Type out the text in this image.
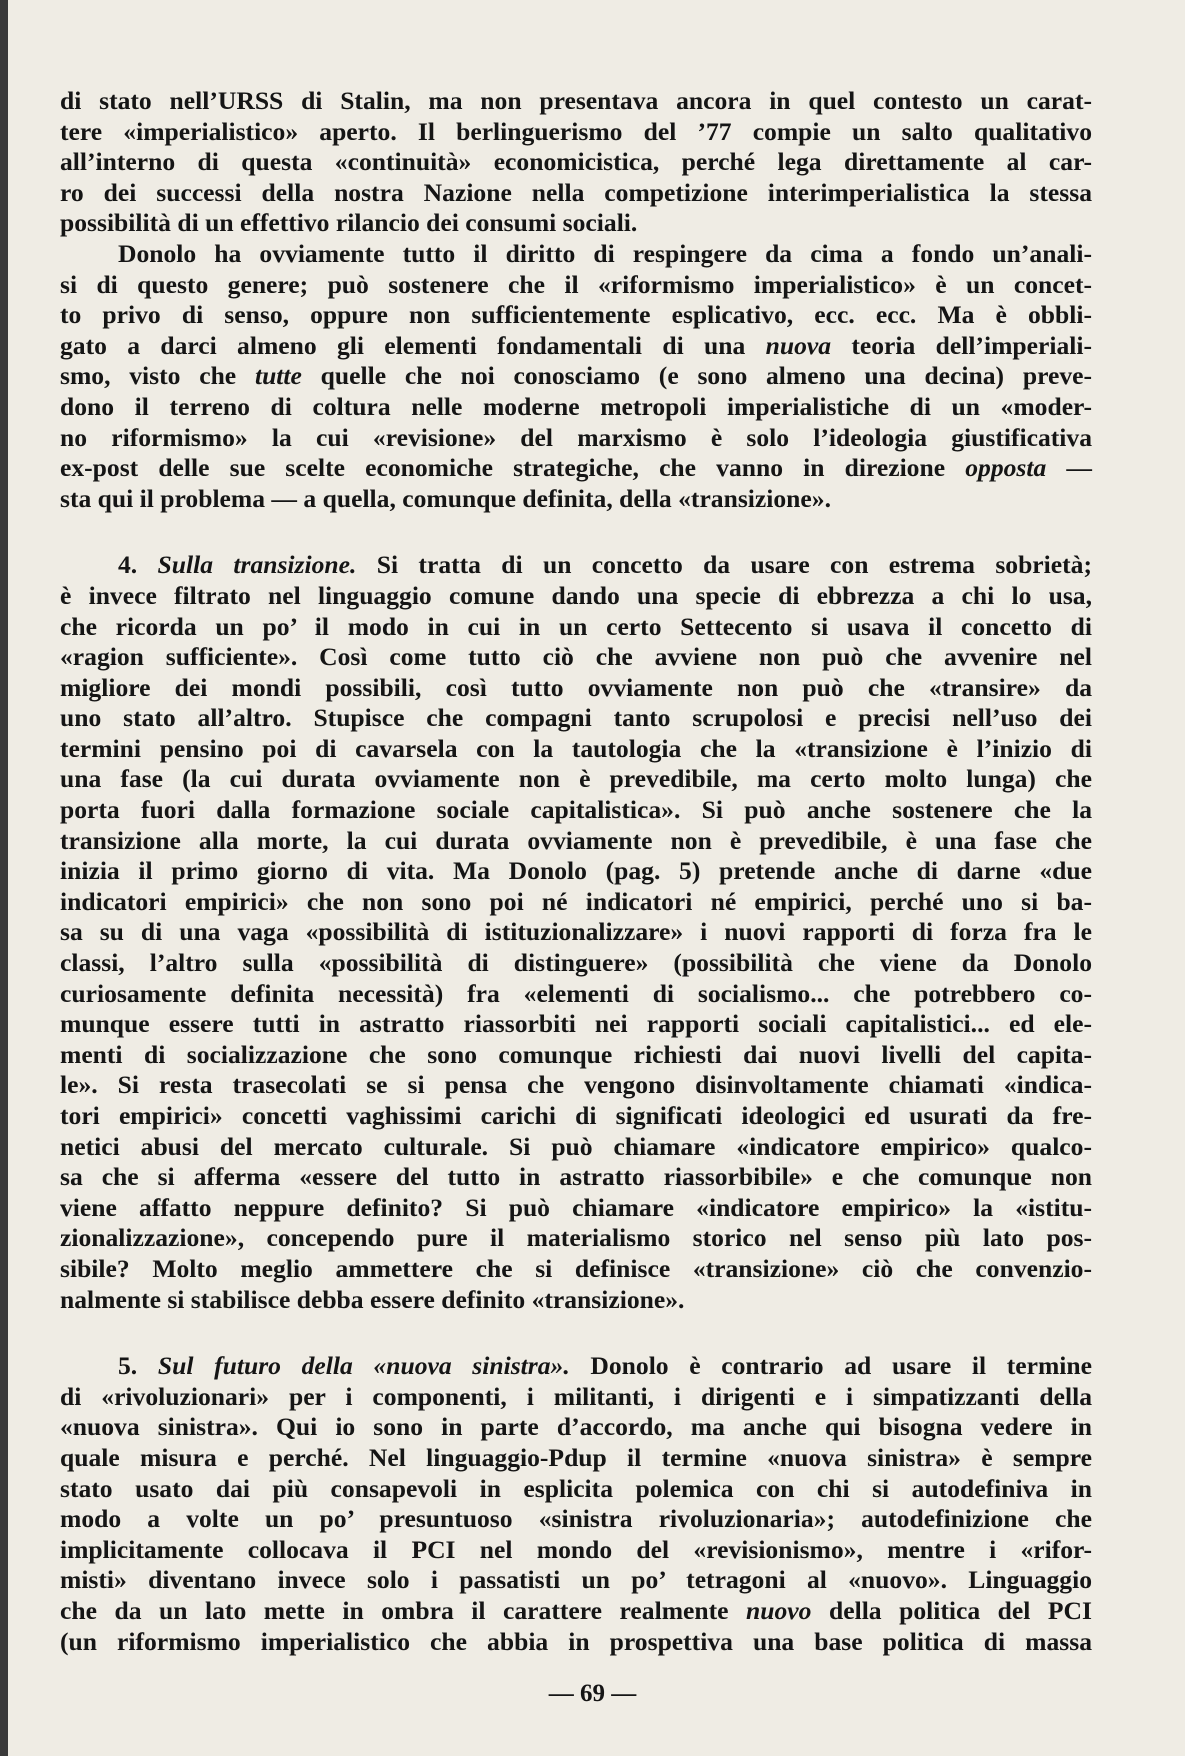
di stato nell’URSS di Stalin, ma non presentava ancora in quel contesto un carat-
tere «imperialistico» aperto. Il berlinguerismo del ’77 compie un salto qualitativo
all’interno di questa «continuità» economicistica, perché lega direttamente al car-
ro dei successi della nostra Nazione nella competizione interimperialistica la stessa
possibilità di un effettivo rilancio dei consumi sociali.
Donolo ha ovviamente tutto il diritto di respingere da cima a fondo un’anali-
si di questo genere; può sostenere che il «riformismo imperialistico» è un concet-
to privo di senso, oppure non sufficientemente esplicativo, ecc. ecc. Ma è obbli-
gato a darci almeno gli elementi fondamentali di una nuova teoria dell’imperiali-
smo, visto che tutte quelle che noi conosciamo (e sono almeno una decina) preve-
dono il terreno di coltura nelle moderne metropoli imperialistiche di un «moder-
no riformismo» la cui «revisione» del marxismo è solo l’ideologia giustificativa
ex-post delle sue scelte economiche strategiche, che vanno in direzione opposta —
sta qui il problema — a quella, comunque definita, della «transizione».
4. Sulla transizione. Si tratta di un concetto da usare con estrema sobrietà;
è invece filtrato nel linguaggio comune dando una specie di ebbrezza a chi lo usa,
che ricorda un po’ il modo in cui in un certo Settecento si usava il concetto di
«ragion sufficiente». Così come tutto ciò che avviene non può che avvenire nel
migliore dei mondi possibili, così tutto ovviamente non può che «transire» da
uno stato all’altro. Stupisce che compagni tanto scrupolosi e precisi nell’uso dei
termini pensino poi di cavarsela con la tautologia che la «transizione è l’inizio di
una fase (la cui durata ovviamente non è prevedibile, ma certo molto lunga) che
porta fuori dalla formazione sociale capitalistica». Si può anche sostenere che la
transizione alla morte, la cui durata ovviamente non è prevedibile, è una fase che
inizia il primo giorno di vita. Ma Donolo (pag. 5) pretende anche di darne «due
indicatori empirici» che non sono poi né indicatori né empirici, perché uno si ba-
sa su di una vaga «possibilità di istituzionalizzare» i nuovi rapporti di forza fra le
classi, l’altro sulla «possibilità di distinguere» (possibilità che viene da Donolo
curiosamente definita necessità) fra «elementi di socialismo... che potrebbero co-
munque essere tutti in astratto riassorbiti nei rapporti sociali capitalistici... ed ele-
menti di socializzazione che sono comunque richiesti dai nuovi livelli del capita-
le». Si resta trasecolati se si pensa che vengono disinvoltamente chiamati «indica-
tori empirici» concetti vaghissimi carichi di significati ideologici ed usurati da fre-
netici abusi del mercato culturale. Si può chiamare «indicatore empirico» qualco-
sa che si afferma «essere del tutto in astratto riassorbibile» e che comunque non
viene affatto neppure definito? Si può chiamare «indicatore empirico» la «istitu-
zionalizzazione», concependo pure il materialismo storico nel senso più lato pos-
sibile? Molto meglio ammettere che si definisce «transizione» ciò che convenzio-
nalmente si stabilisce debba essere definito «transizione».
5. Sul futuro della «nuova sinistra». Donolo è contrario ad usare il termine
di «rivoluzionari» per i componenti, i militanti, i dirigenti e i simpatizzanti della
«nuova sinistra». Qui io sono in parte d’accordo, ma anche qui bisogna vedere in
quale misura e perché. Nel linguaggio-Pdup il termine «nuova sinistra» è sempre
stato usato dai più consapevoli in esplicita polemica con chi si autodefiniva in
modo a volte un po’ presuntuoso «sinistra rivoluzionaria»; autodefinizione che
implicitamente collocava il PCI nel mondo del «revisionismo», mentre i «rifor-
misti» diventano invece solo i passatisti un po’ tetragoni al «nuovo». Linguaggio
che da un lato mette in ombra il carattere realmente nuovo della politica del PCI
(un riformismo imperialistico che abbia in prospettiva una base politica di massa
— 69 —
